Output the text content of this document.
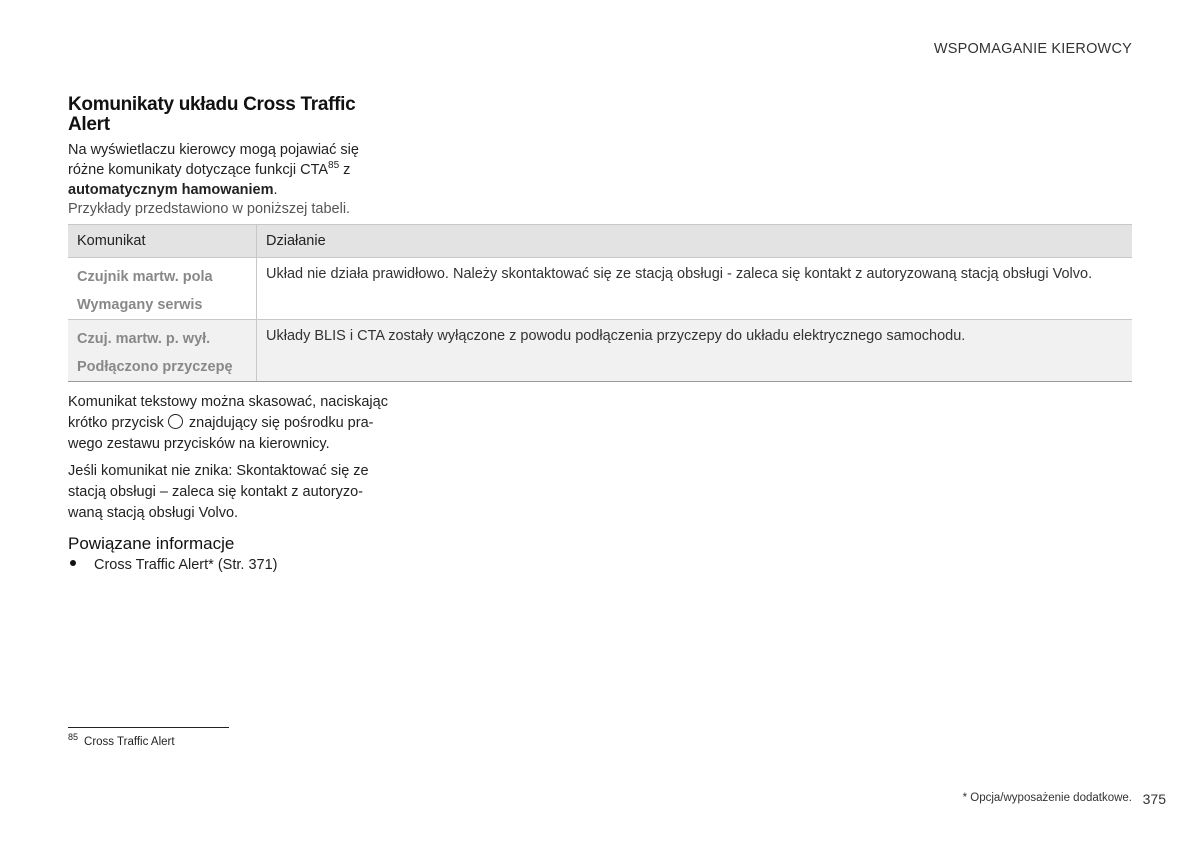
WSPOMAGANIE KIEROWCY
Komunikaty układu Cross Traffic Alert
Na wyświetlaczu kierowcy mogą pojawiać się
różne komunikaty dotyczące funkcji CTA$^{85}$ z
automatycznym hamowaniem.
Przykłady przedstawiono w poniższej tabeli.
Komunikat	Działanie

Czujnik martw. pola
Wymagany serwis	Układ nie działa prawidłowo. Należy skontaktować się ze stacją obsługi - zaleca się kontakt z autoryzowaną stacją obsługi Volvo.

Czuj. martw. p. wył.
Podłączono przyczepę	Układy BLIS i CTA zostały wyłączone z powodu podłączenia przyczepy do układu elektrycznego samochodu.

Komunikat tekstowy można skasować, naciskając
krótko przycisk znajdujący się pośrodku pra-
wego zestawu przycisków na kierownicy.

Jeśli komunikat nie znika: Skontaktować się ze
stacją obsługi – zaleca się kontakt z autoryzo-
waną stacją obsługi Volvo.

Powiązane informacje
Cross Traffic Alert* (Str. 371)
$^{85}$ Cross Traffic Alert
* Opcja/wyposażenie dodatkowe. 375
